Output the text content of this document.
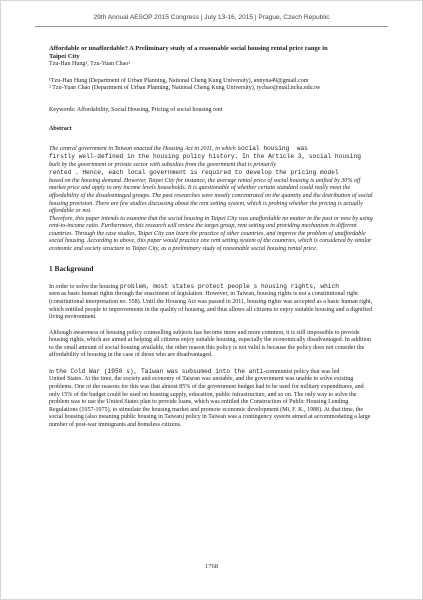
29th Annual AESOP 2015 Congress | July 13-16, 2015 | Prague, Czech Republic

Affordable or unaffordable? A Preliminary study of a reasonable social housing rental price range in
Taipei City

Tzu-Han Hung¹, Tzu-Yuan Chao²

¹Tzu-Han Hung (Department of Urban Planning, National Cheng Kung University), annyna49@gmail.com

² Tzu-Yuan Chao (Department of Urban Planning, National Cheng Kung University), tychao@mail.ncku.edu.tw

Keywords: Affordability, Social Housing, Pricing of social housing rent

Abstract

The central government in Taiwan enacted the Housing Act in 2011, in which social housing  was
firstly well-defined in the housing policy history. In the Article 3, social housing
built by the government or private sector with subsidies from the government that is primarily
rented . Hence, each local government is required to develop the pricing model
based on the housing demand. However, Taipei City for instance, the average rental price of social housing is unified by 30% off market price and apply to any income levels households. It is questionable of whether certain standard could really meet the affordability of the disadvantaged groups. The past researches were mostly concentrated on the quantity and the distribution of social housing provision. There are few studies discussing about the rent setting system, which is probing whether the pricing is actually affordable or not.

Therefore, this paper intends to examine that the social housing in Taipei City was unaffordable no matter in the past or now by using rent-to-income ratio. Furthermore, this research will review the target group, rent setting and providing mechanism in different countries. Through the case studies, Taipei City can learn the practice of other countries, and improve the problem of unaffordable social housing. According to above, this paper would practice one rent setting system of the countries, which is considered by similar economic and society structure to Taipei City, as a preliminary study of reasonable social housing rental price.

1 Background

In order to solve the housing problem, most states protect people s housing rights, which
seen as basic human rights through the enactment of legislation. However, in Taiwan, housing rights is not a constitutional right (constitutional interpretation no. 558). Until the Housing Act was passed in 2011, housing rights was accepted as a basic human right, which entitled people to improvements in the quality of housing, and thus allows all citizens to enjoy suitable housing and a dignified living environment.

Although awareness of housing policy counselling subjects has become more and more common, it is still impossible to provide housing rights, which are aimed at helping all citizens enjoy suitable housing, especially the economically disadvantaged. In addition to the small amount of social housing available, the other reason this policy is not valid is because the policy does not consider the affordability of housing in the case of those who are disadvantaged.

In the Cold War (1950 s), Taiwan was subsumed into the anti-communist policy that was led
United States. At the time, the society and economy of Taiwan was unstable, and the government was unable to solve existing problems. One of the reasons for this was that almost 85% of the government budget had to be used for military expenditures, and only 15% of the budget could be used on housing supply, education, public infrastructure, and so on. The only way to solve the problem was to use the United States plan to provide loans, which was entitled the Construction of Public Housing Lending Regulations (1957-1975), to stimulate the housing market and promote economic development (Mi, F. K., 1988). At that time, the social housing (also meaning public housing in Taiwan) policy in Taiwan was a contingency system aimed at accommodating a large number of post-war immigrants and homeless citizens.

1768
